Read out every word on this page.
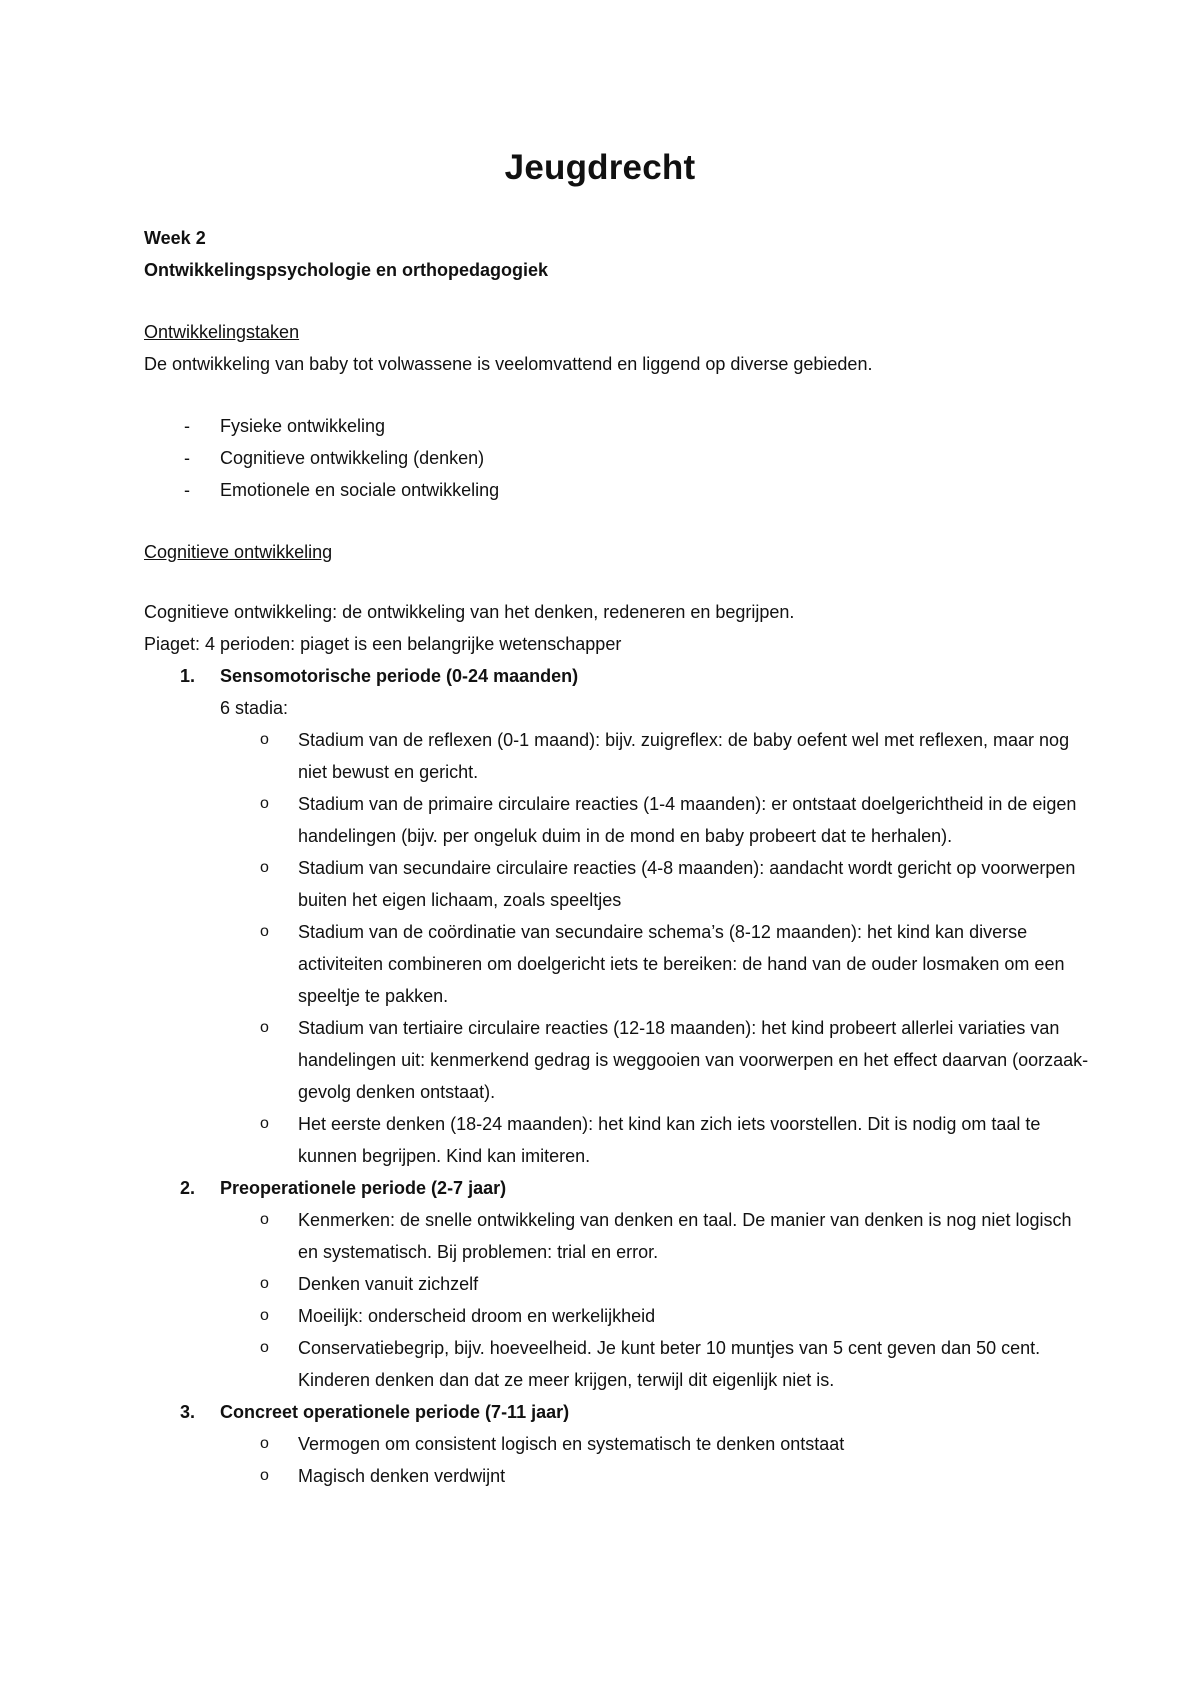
Jeugdrecht

Week 2

Ontwikkelingspsychologie en orthopedagogiek

Ontwikkelingstaken

De ontwikkeling van baby tot volwassene is veelomvattend en liggend op diverse gebieden.

- Fysieke ontwikkeling
- Cognitieve ontwikkeling (denken)
- Emotionele en sociale ontwikkeling

Cognitieve ontwikkeling

Cognitieve ontwikkeling: de ontwikkeling van het denken, redeneren en begrijpen.

Piaget: 4 perioden: piaget is een belangrijke wetenschapper

1. Sensomotorische periode (0-24 maanden)
6 stadia:
o Stadium van de reflexen (0-1 maand): bijv. zuigreflex: de baby oefent wel met reflexen, maar nog niet bewust en gericht.
o Stadium van de primaire circulaire reacties (1-4 maanden): er ontstaat doelgerichtheid in de eigen handelingen (bijv. per ongeluk duim in de mond en baby probeert dat te herhalen).
o Stadium van secundaire circulaire reacties (4-8 maanden): aandacht wordt gericht op voorwerpen buiten het eigen lichaam, zoals speeltjes
o Stadium van de coördinatie van secundaire schema’s (8-12 maanden): het kind kan diverse activiteiten combineren om doelgericht iets te bereiken: de hand van de ouder losmaken om een speeltje te pakken.
o Stadium van tertiaire circulaire reacties (12-18 maanden): het kind probeert allerlei variaties van handelingen uit: kenmerkend gedrag is weggooien van voorwerpen en het effect daarvan (oorzaak-gevolg denken ontstaat).
o Het eerste denken (18-24 maanden): het kind kan zich iets voorstellen. Dit is nodig om taal te kunnen begrijpen. Kind kan imiteren.
2. Preoperationele periode (2-7 jaar)
o Kenmerken: de snelle ontwikkeling van denken en taal. De manier van denken is nog niet logisch en systematisch. Bij problemen: trial en error.
o Denken vanuit zichzelf
o Moeilijk: onderscheid droom en werkelijkheid
o Conservatiebegrip, bijv. hoeveelheid. Je kunt beter 10 muntjes van 5 cent geven dan 50 cent. Kinderen denken dan dat ze meer krijgen, terwijl dit eigenlijk niet is.
3. Concreet operationele periode (7-11 jaar)
o Vermogen om consistent logisch en systematisch te denken ontstaat
o Magisch denken verdwijnt
